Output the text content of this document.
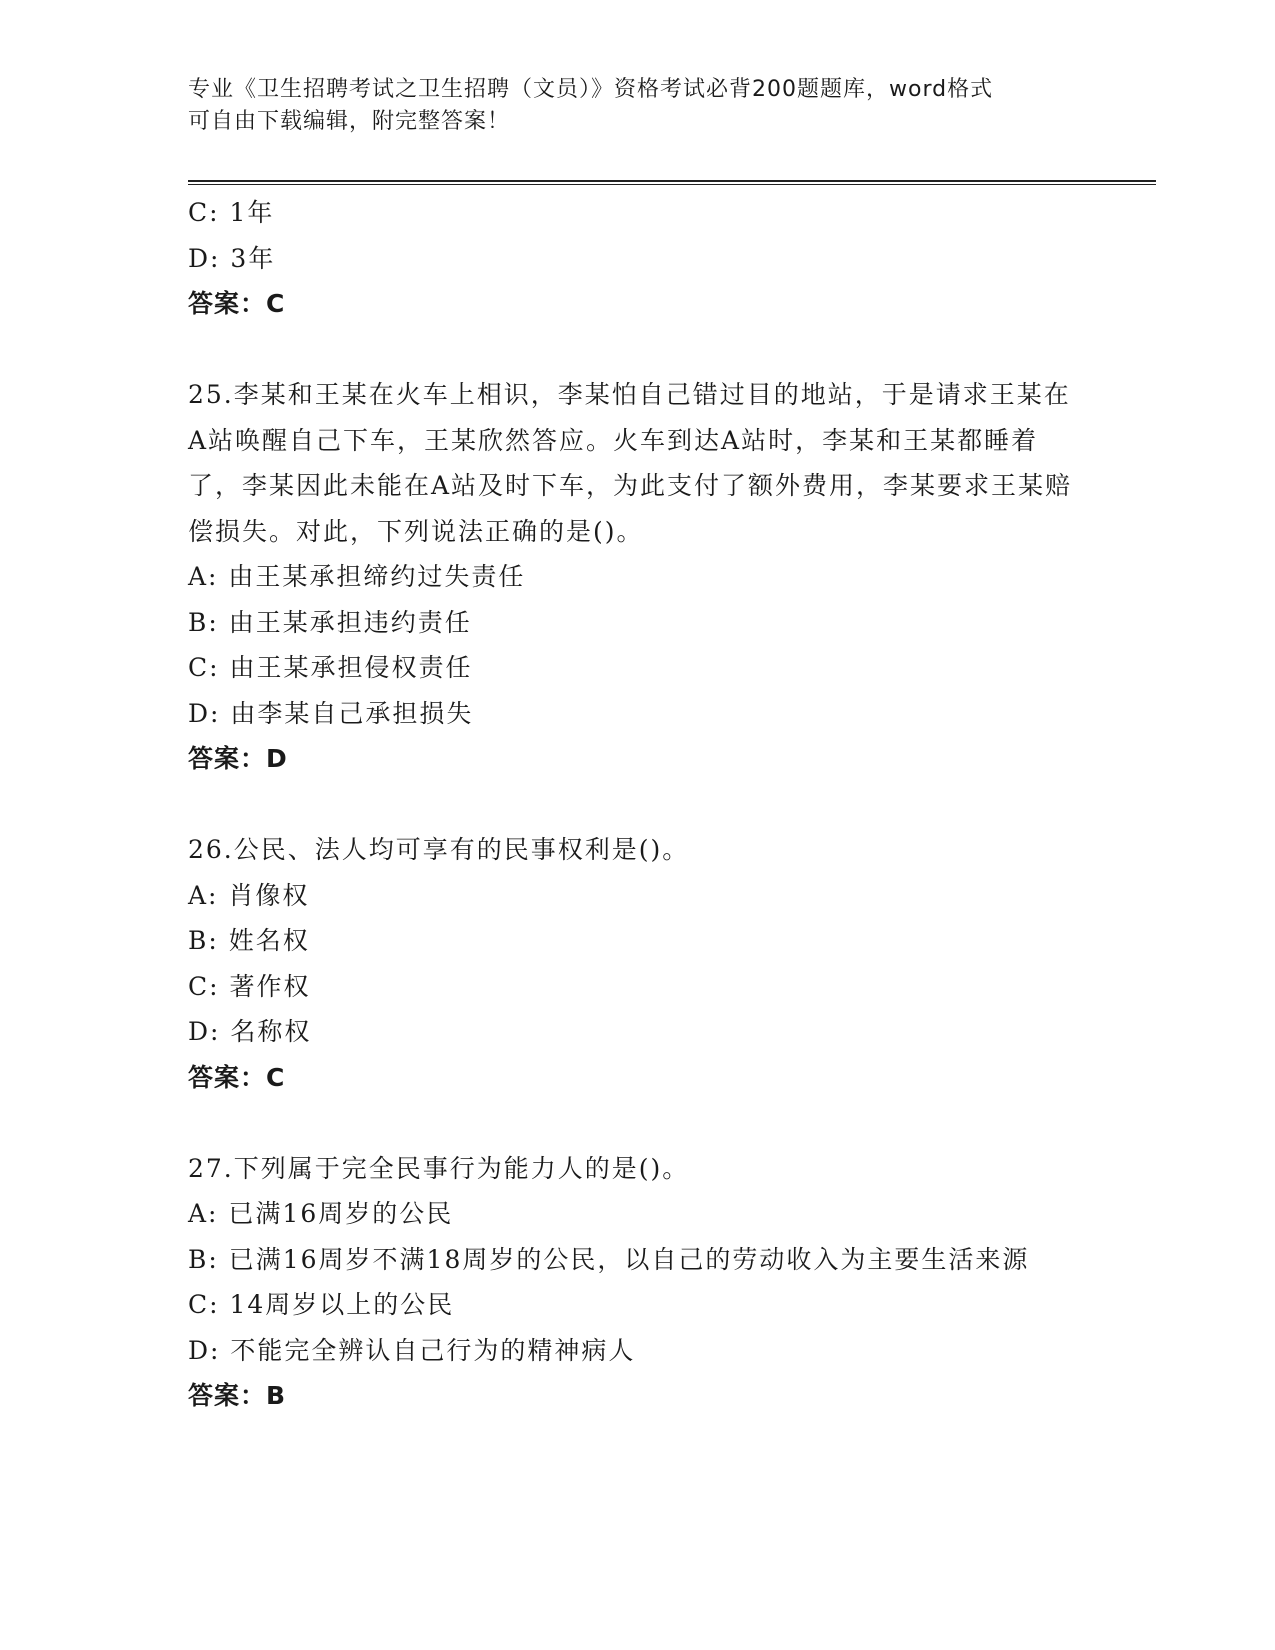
专业《卫生招聘考试之卫生招聘（文员）》资格考试必背200题题库，word格式
可自由下载编辑，附完整答案！
C: 1年
D: 3年
答案：C
25.李某和王某在火车上相识，李某怕自己错过目的地站，于是请求王某在A站唤醒自己下车，王某欣然答应。火车到达A站时，李某和王某都睡着了，李某因此未能在A站及时下车，为此支付了额外费用，李某要求王某赔偿损失。对此，下列说法正确的是()。
A: 由王某承担缔约过失责任
B: 由王某承担违约责任
C: 由王某承担侵权责任
D: 由李某自己承担损失
答案：D
26.公民、法人均可享有的民事权利是()。
A: 肖像权
B: 姓名权
C: 著作权
D: 名称权
答案：C
27.下列属于完全民事行为能力人的是()。
A: 已满16周岁的公民
B: 已满16周岁不满18周岁的公民，以自己的劳动收入为主要生活来源
C: 14周岁以上的公民
D: 不能完全辨认自己行为的精神病人
答案：B
